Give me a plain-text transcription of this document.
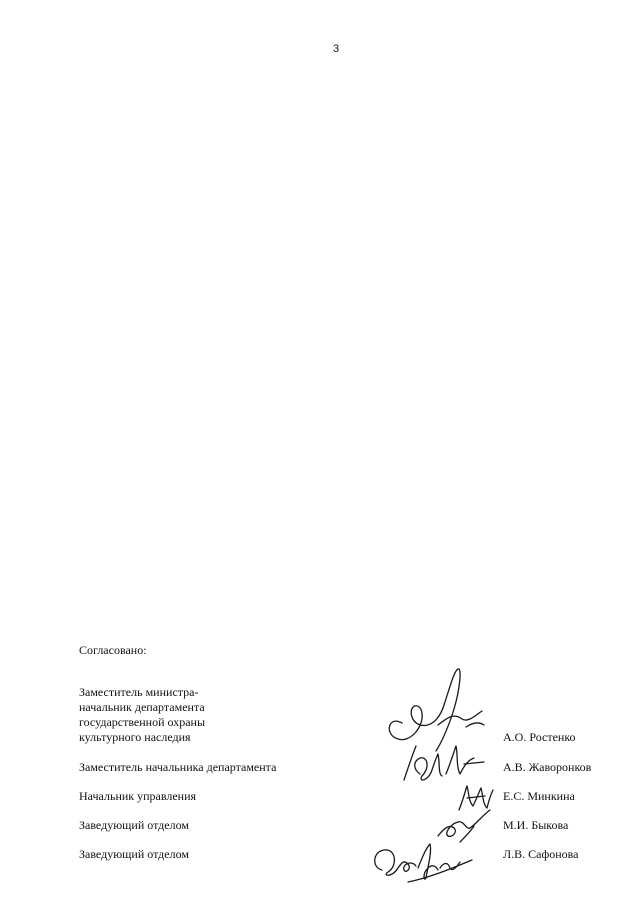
3
Согласовано:
Заместитель министра-
начальник департамента
государственной охраны
культурного наследия	А.О. Ростенко
Заместитель начальника департамента	А.В. Жаворонков
Начальник управления	Е.С. Минкина
Заведующий отделом	М.И. Быкова
Заведующий отделом	Л.В. Сафонова
